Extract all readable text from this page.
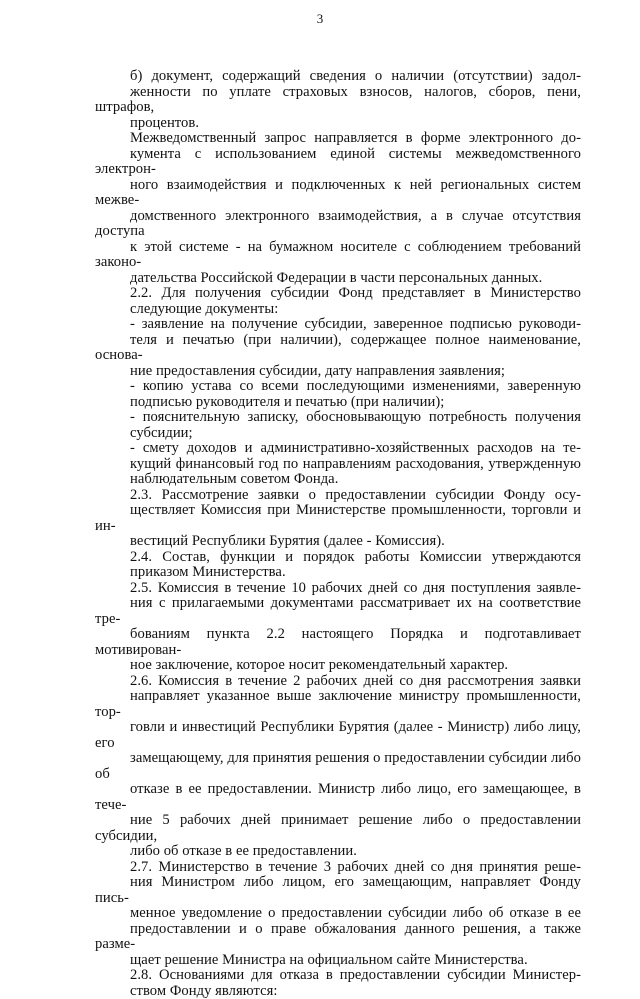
3

б) документ, содержащий сведения о наличии (отсутствии) задол-
женности по уплате страховых взносов, налогов, сборов, пени, штрафов,
процентов.

Межведомственный запрос направляется в форме электронного до-
кумента с использованием единой системы межведомственного электрон-
ного взаимодействия и подключенных к ней региональных систем межве-
домственного электронного взаимодействия, а в случае отсутствия доступа
к этой системе - на бумажном носителе с соблюдением требований законо-
дательства Российской Федерации в части персональных данных.

2.2. Для получения субсидии Фонд представляет в Министерство
следующие документы:

- заявление на получение субсидии, заверенное подписью руководи-
теля и печатью (при наличии), содержащее полное наименование, основа-
ние предоставления субсидии, дату направления заявления;

- копию устава со всеми последующими изменениями, заверенную
подписью руководителя и печатью (при наличии);

- пояснительную записку, обосновывающую потребность получения
субсидии;

- смету доходов и административно-хозяйственных расходов на те-
кущий финансовый год по направлениям расходования, утвержденную
наблюдательным советом Фонда.

2.3. Рассмотрение заявки о предоставлении субсидии Фонду осу-
ществляет Комиссия при Министерстве промышленности, торговли и ин-
вестиций Республики Бурятия (далее - Комиссия).

2.4. Состав, функции и порядок работы Комиссии утверждаются
приказом Министерства.

2.5. Комиссия в течение 10 рабочих дней со дня поступления заявле-
ния с прилагаемыми документами рассматривает их на соответствие тре-
бованиям пункта 2.2 настоящего Порядка и подготавливает мотивирован-
ное заключение, которое носит рекомендательный характер.

2.6. Комиссия в течение 2 рабочих дней со дня рассмотрения заявки
направляет указанное выше заключение министру промышленности, тор-
говли и инвестиций Республики Бурятия (далее - Министр) либо лицу, его
замещающему, для принятия решения о предоставлении субсидии либо об
отказе в ее предоставлении. Министр либо лицо, его замещающее, в тече-
ние 5 рабочих дней принимает решение либо о предоставлении субсидии,
либо об отказе в ее предоставлении.

2.7. Министерство в течение 3 рабочих дней со дня принятия реше-
ния Министром либо лицом, его замещающим, направляет Фонду пись-
менное уведомление о предоставлении субсидии либо об отказе в ее
предоставлении и о праве обжалования данного решения, а также разме-
щает решение Министра на официальном сайте Министерства.

2.8. Основаниями для отказа в предоставлении субсидии Министер-
ством Фонду являются:
